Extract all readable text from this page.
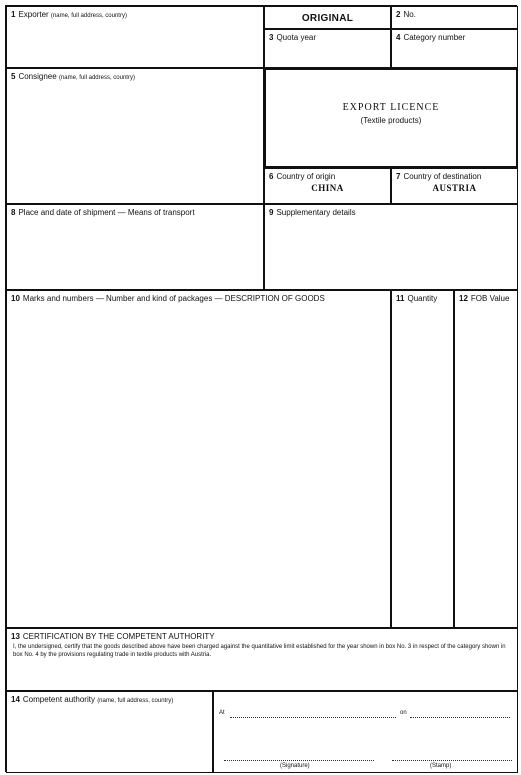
1 Exporter (name, full address, country)	ORIGINAL	2 No.
3 Quota year	4 Category number
5 Consignee (name, full address, country)
EXPORT LICENCE
(Textile products)
6 Country of origin
CHINA
7 Country of destination
AUSTRIA
8 Place and date of shipment — Means of transport	9 Supplementary details
10 Marks and numbers — Number and kind of packages — DESCRIPTION OF GOODS	11 Quantity	12 FOB Value
13 CERTIFICATION BY THE COMPETENT AUTHORITY
I, the undersigned, certify that the goods described above have been charged against the quantitative limit established for the year shown in box No. 3 in respect of the category shown in box No. 4 by the provisions regulating trade in textile products with Austria.
14 Competent authority (name, full address, country)
At	on
(Signature)	(Stamp)
